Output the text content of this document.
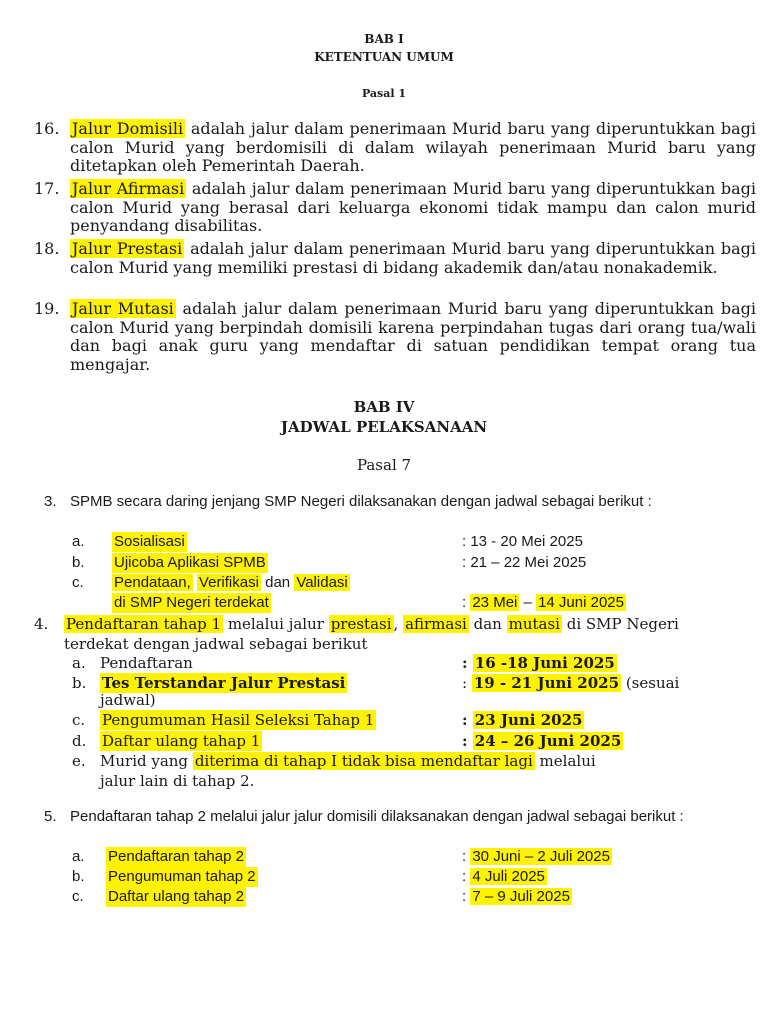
BAB I
KETENTUAN UMUM
Pasal 1
16. Jalur Domisili adalah jalur dalam penerimaan Murid baru yang diperuntukkan bagi calon Murid yang berdomisili di dalam wilayah penerimaan Murid baru yang ditetapkan oleh Pemerintah Daerah.
17. Jalur Afirmasi adalah jalur dalam penerimaan Murid baru yang diperuntukkan bagi calon Murid yang berasal dari keluarga ekonomi tidak mampu dan calon murid penyandang disabilitas.
18. Jalur Prestasi adalah jalur dalam penerimaan Murid baru yang diperuntukkan bagi calon Murid yang memiliki prestasi di bidang akademik dan/atau nonakademik.
19. Jalur Mutasi adalah jalur dalam penerimaan Murid baru yang diperuntukkan bagi calon Murid yang berpindah domisili karena perpindahan tugas dari orang tua/wali dan bagi anak guru yang mendaftar di satuan pendidikan tempat orang tua mengajar.
BAB IV
JADWAL PELAKSANAAN
Pasal 7
3. SPMB secara daring jenjang SMP Negeri dilaksanakan dengan jadwal sebagai berikut :
a. Sosialisasi	: 13 - 20 Mei 2025
b. Ujicoba Aplikasi SPMB	: 21 – 22 Mei 2025
c. Pendataan, Verifikasi dan Validasi
di SMP Negeri terdekat	: 23 Mei – 14 Juni 2025
4. Pendaftaran tahap 1 melalui jalur prestasi , afirmasi dan mutasi di SMP Negeri terdekat dengan jadwal sebagai berikut
a. Pendaftaran	: 16 -18 Juni 2025
b. Tes Terstandar Jalur Prestasi	: 19 - 21 Juni 2025 (sesuai
jadwal)
c. Pengumuman Hasil Seleksi Tahap 1	: 23 Juni 2025
d. Daftar ulang tahap 1	: 24 – 26 Juni 2025
e. Murid yang diterima di tahap I tidak bisa mendaftar lagi melalui
jalur lain di tahap 2.
5. Pendaftaran tahap 2 melalui jalur jalur domisili dilaksanakan dengan jadwal sebagai berikut :
a. Pendaftaran tahap 2	: 30 Juni – 2 Juli 2025
b. Pengumuman tahap 2	: 4 Juli 2025
c. Daftar ulang tahap 2	: 7 – 9 Juli 2025
